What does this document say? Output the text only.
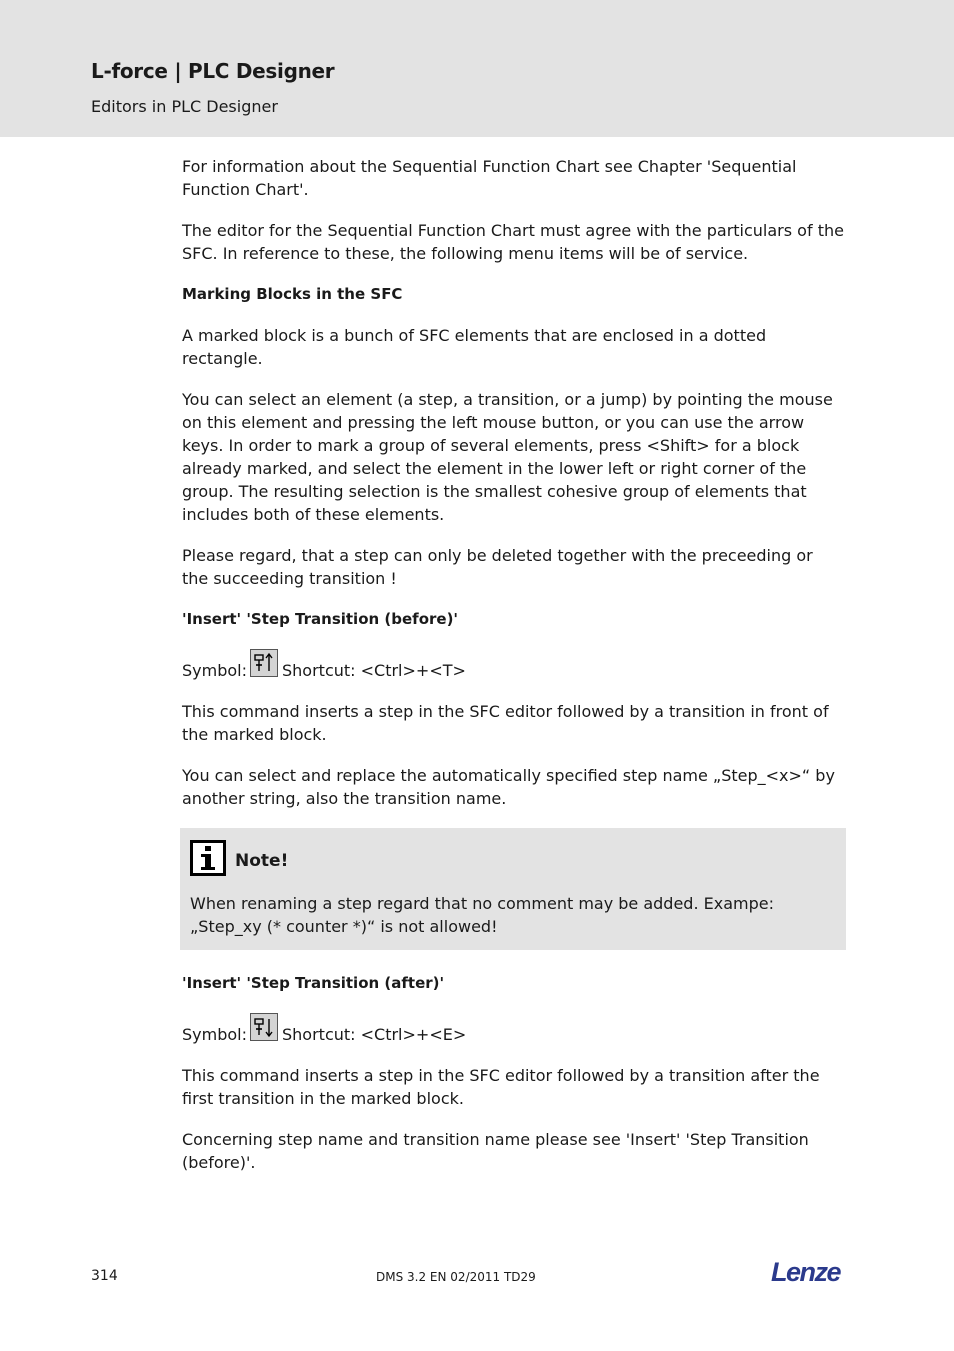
L-force | PLC Designer
Editors in PLC Designer

For information about the Sequential Function Chart see Chapter 'Sequential Function Chart'.

The editor for the Sequential Function Chart must agree with the particulars of the SFC. In reference to these, the following menu items will be of service.

Marking Blocks in the SFC

A marked block is a bunch of SFC elements that are enclosed in a dotted rectangle.

You can select an element (a step, a transition, or a jump) by pointing the mouse on this element and pressing the left mouse button, or you can use the arrow keys. In order to mark a group of several elements, press <Shift> for a block already marked, and select the element in the lower left or right corner of the group. The resulting selection is the smallest cohesive group of elements that includes both of these elements.

Please regard, that a step can only be deleted together with the preceeding or the succeeding transition !

'Insert' 'Step Transition (before)'
Symbol: Shortcut: <Ctrl>+<T>

This command inserts a step in the SFC editor followed by a transition in front of the marked block.

You can select and replace the automatically specified step name „Step_<x>“ by another string, also the transition name.

Note!
When renaming a step regard that no comment may be added. Exampe: „Step_xy (* counter *)“ is not allowed!
'Insert' 'Step Transition (after)'
Symbol: Shortcut: <Ctrl>+<E>

This command inserts a step in the SFC editor followed by a transition after the first transition in the marked block.

Concerning step name and transition name please see 'Insert' 'Step Transition (before)'.

314	DMS 3.2 EN 02/2011 TD29	Lenze
